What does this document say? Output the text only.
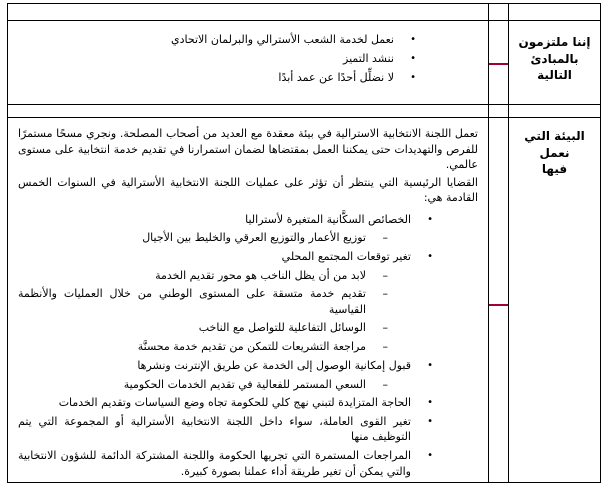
•
نعمل لخدمة الشعب الأسترالي والبرلمان الاتحادي
•
ننشد التميز
•
لا نضلِّل أحدًا عن عمد أبدًا

إننا ملتزمون
بالمبادئ
التالية

تعمل اللجنة الانتخابية الاسترالية في بيئة معقدة مع العديد من أصحاب المصلحة. ونجري مسحًا مستمرًا للفرص والتهديدات حتى يمكننا العمل بمقتضاها لضمان استمرارنا في تقديم خدمة انتخابية على مستوى عالمي.

القضايا الرئيسية التي ينتظر أن تؤثر على عمليات اللجنة الانتخابية الأسترالية في السنوات الخمس القادمة هي:

•
الخصائص السكَّانية المتغيرة لأستراليا
–
توزيع الأعمار والتوزيع العرقي والخليط بين الأجيال
•
تغير توقعات المجتمع المحلي
–
لابد من أن يظل الناخب هو محور تقديم الخدمة
–
تقديم خدمة متسقة على المستوى الوطني من خلال العمليات والأنظمة القياسية
–
الوسائل التفاعلية للتواصل مع الناخب
–
مراجعة التشريعات للتمكن من تقديم خدمة محسنَّة
•
قبول إمكانية الوصول إلى الخدمة عن طريق الإنترنت ونشرها
–
السعي المستمر للفعالية في تقديم الخدمات الحكومية
•
الحاجة المتزايدة لتبني نهج كلي للحكومة تجاه وضع السياسات وتقديم الخدمات
•
تغير القوى العاملة، سواء داخل اللجنة الانتخابية الأسترالية أو المجموعة التي يتم التوظيف منها
•
المراجعات المستمرة التي تجريها الحكومة واللجنة المشتركة الدائمة للشؤون الانتخابية والتي يمكن أن تغير طريقة أداء عملنا بصورة كبيرة.

البيئة التي نعمل
فيها
